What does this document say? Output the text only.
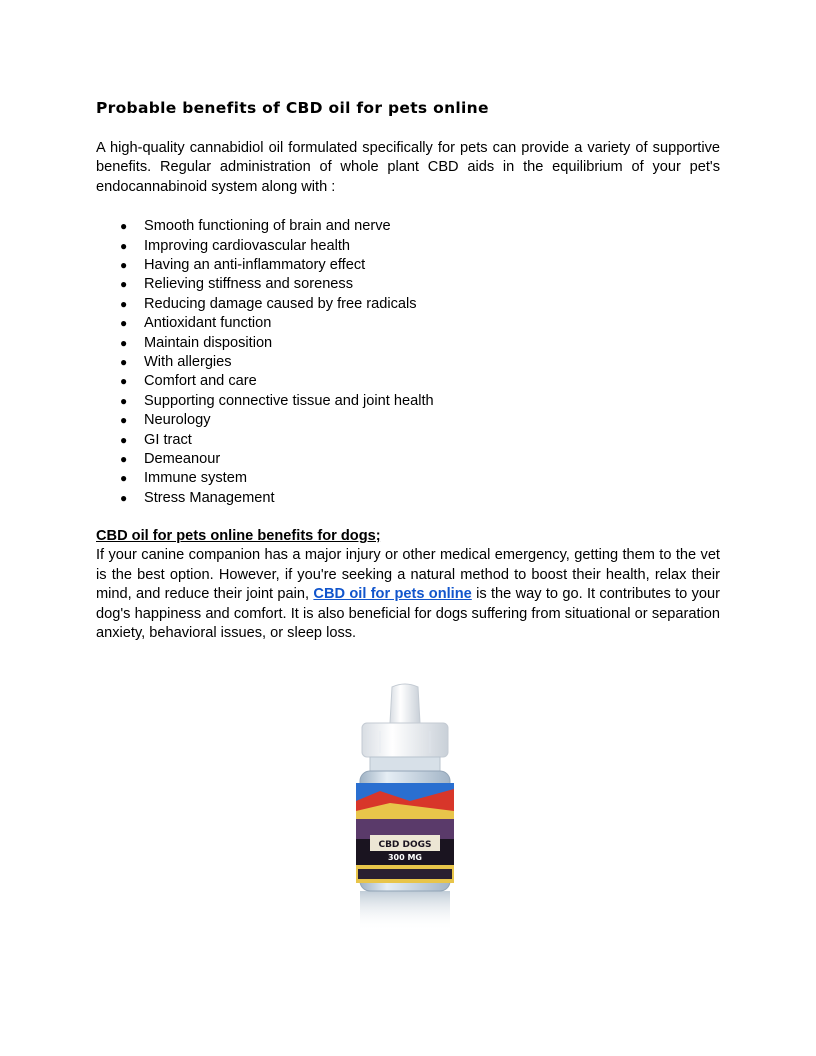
Probable benefits of CBD oil for pets online

A high-quality cannabidiol oil formulated specifically for pets can provide a variety of supportive benefits. Regular administration of whole plant CBD aids in the equilibrium of your pet's endocannabinoid system along with :

● Smooth functioning of brain and nerve
● Improving cardiovascular health
● Having an anti-inflammatory effect
● Relieving stiffness and soreness
● Reducing damage caused by free radicals
● Antioxidant function
● Maintain disposition
● With allergies
● Comfort and care
● Supporting connective tissue and joint health
● Neurology
● GI tract
● Demeanour
● Immune system
● Stress Management

CBD oil for pets online benefits for dogs;

If your canine companion has a major injury or other medical emergency, getting them to the vet is the best option. However, if you're seeking a natural method to boost their health, relax their mind, and reduce their joint pain, CBD oil for pets online is the way to go. It contributes to your dog's happiness and comfort. It is also beneficial for dogs suffering from situational or separation anxiety, behavioral issues, or sleep loss.

CBD DOGS
300 MG
